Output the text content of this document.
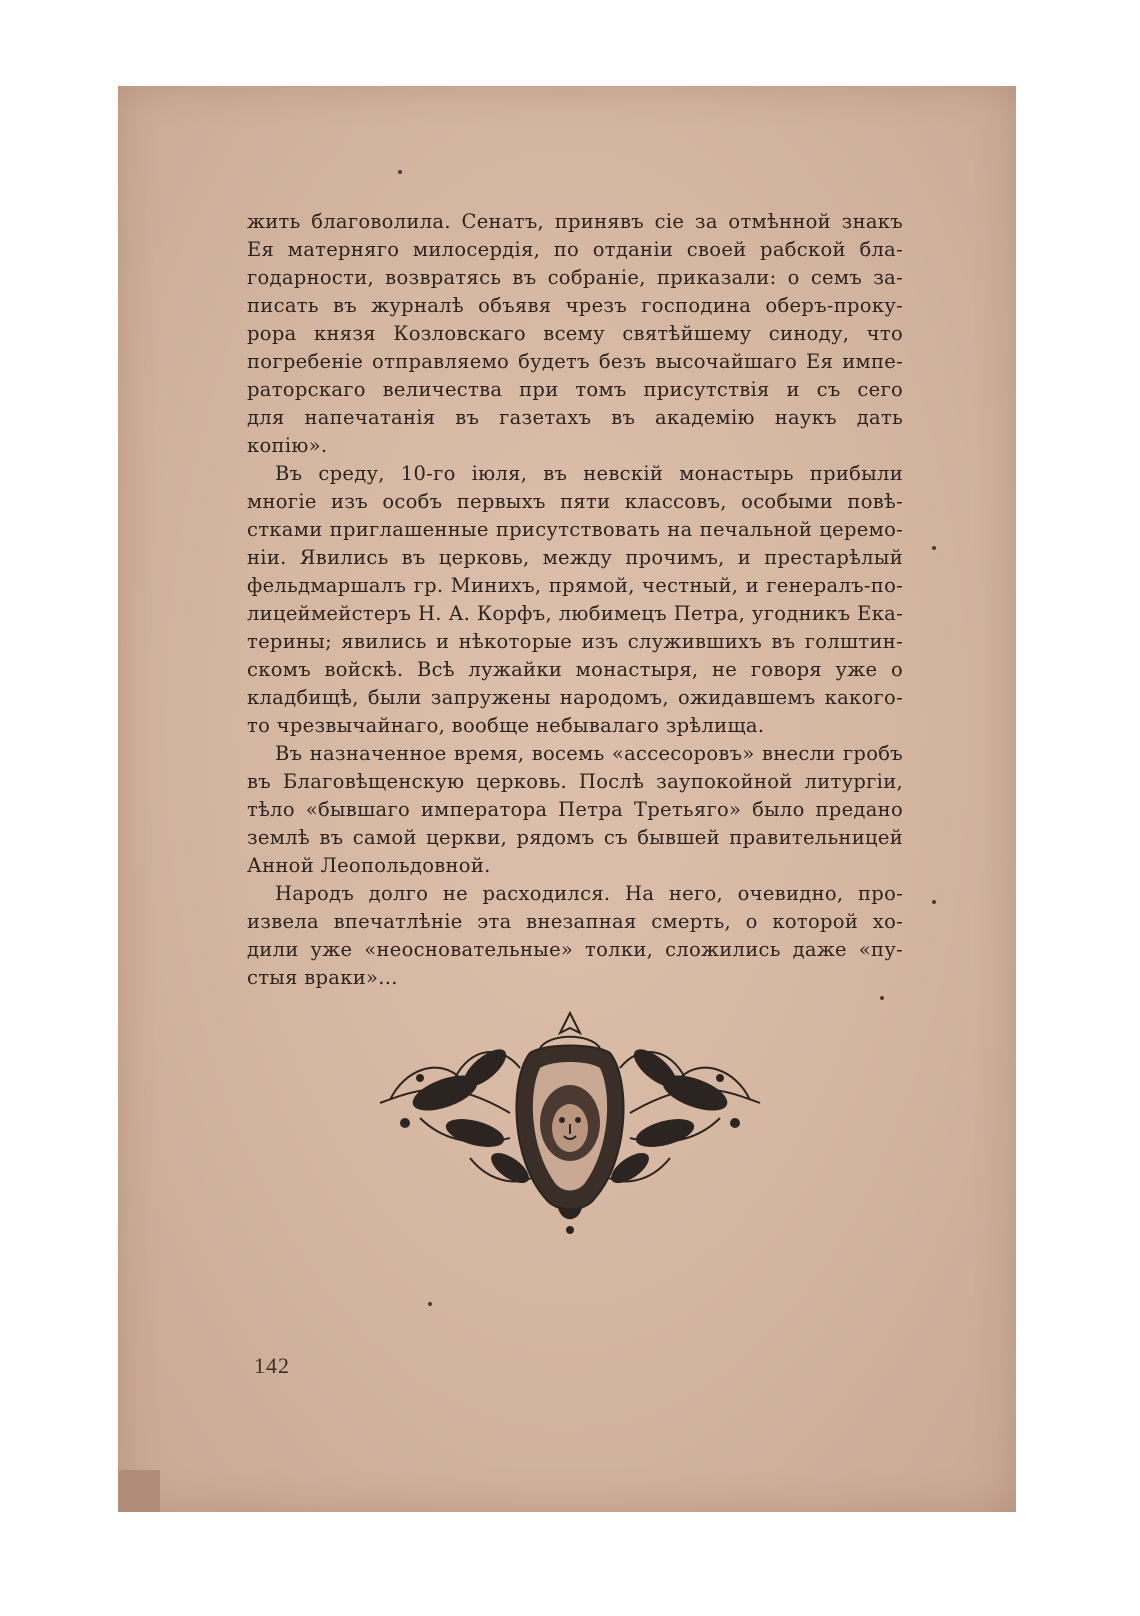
жить благоволила. Сенатъ, принявъ сіе за отмѣнной знакъ
Ея матерняго милосердія, по отданіи своей рабской бла-
годарности, возвратясь въ собраніе, приказали: о семъ за-
писать въ журналѣ объявя чрезъ господина оберъ-проку-
рора князя Козловскаго всему святѣйшему синоду, что
погребеніе отправляемо будетъ безъ высочайшаго Ея импе-
раторскаго величества при томъ присутствія и съ сего
для напечатанія въ газетахъ въ академію наукъ дать
копію».
Въ среду, 10-го іюля, въ невскій монастырь прибыли
многіе изъ особъ первыхъ пяти классовъ, особыми повѣ-
стками приглашенные присутствовать на печальной церемо-
ніи. Явились въ церковь, между прочимъ, и престарѣлый
фельдмаршалъ гр. Минихъ, прямой, честный, и генералъ-по-
лицеймейстеръ Н. А. Корфъ, любимецъ Петра, угодникъ Ека-
терины; явились и нѣкоторые изъ служившихъ въ голштин-
скомъ войскѣ. Всѣ лужайки монастыря, не говоря уже о
кладбищѣ, были запружены народомъ, ожидавшемъ какого-
то чрезвычайнаго, вообще небывалаго зрѣлища.
Въ назначенное время, восемь «ассесоровъ» внесли гробъ
въ Благовѣщенскую церковь. Послѣ заупокойной литургіи,
тѣло «бывшаго императора Петра Третьяго» было предано
землѣ въ самой церкви, рядомъ съ бывшей правительницей
Анной Леопольдовной.
Народъ долго не расходился. На него, очевидно, про-
извела впечатлѣніе эта внезапная смерть, о которой хо-
дили уже «неосновательные» толки, сложились даже «пу-
стыя враки»...
142
